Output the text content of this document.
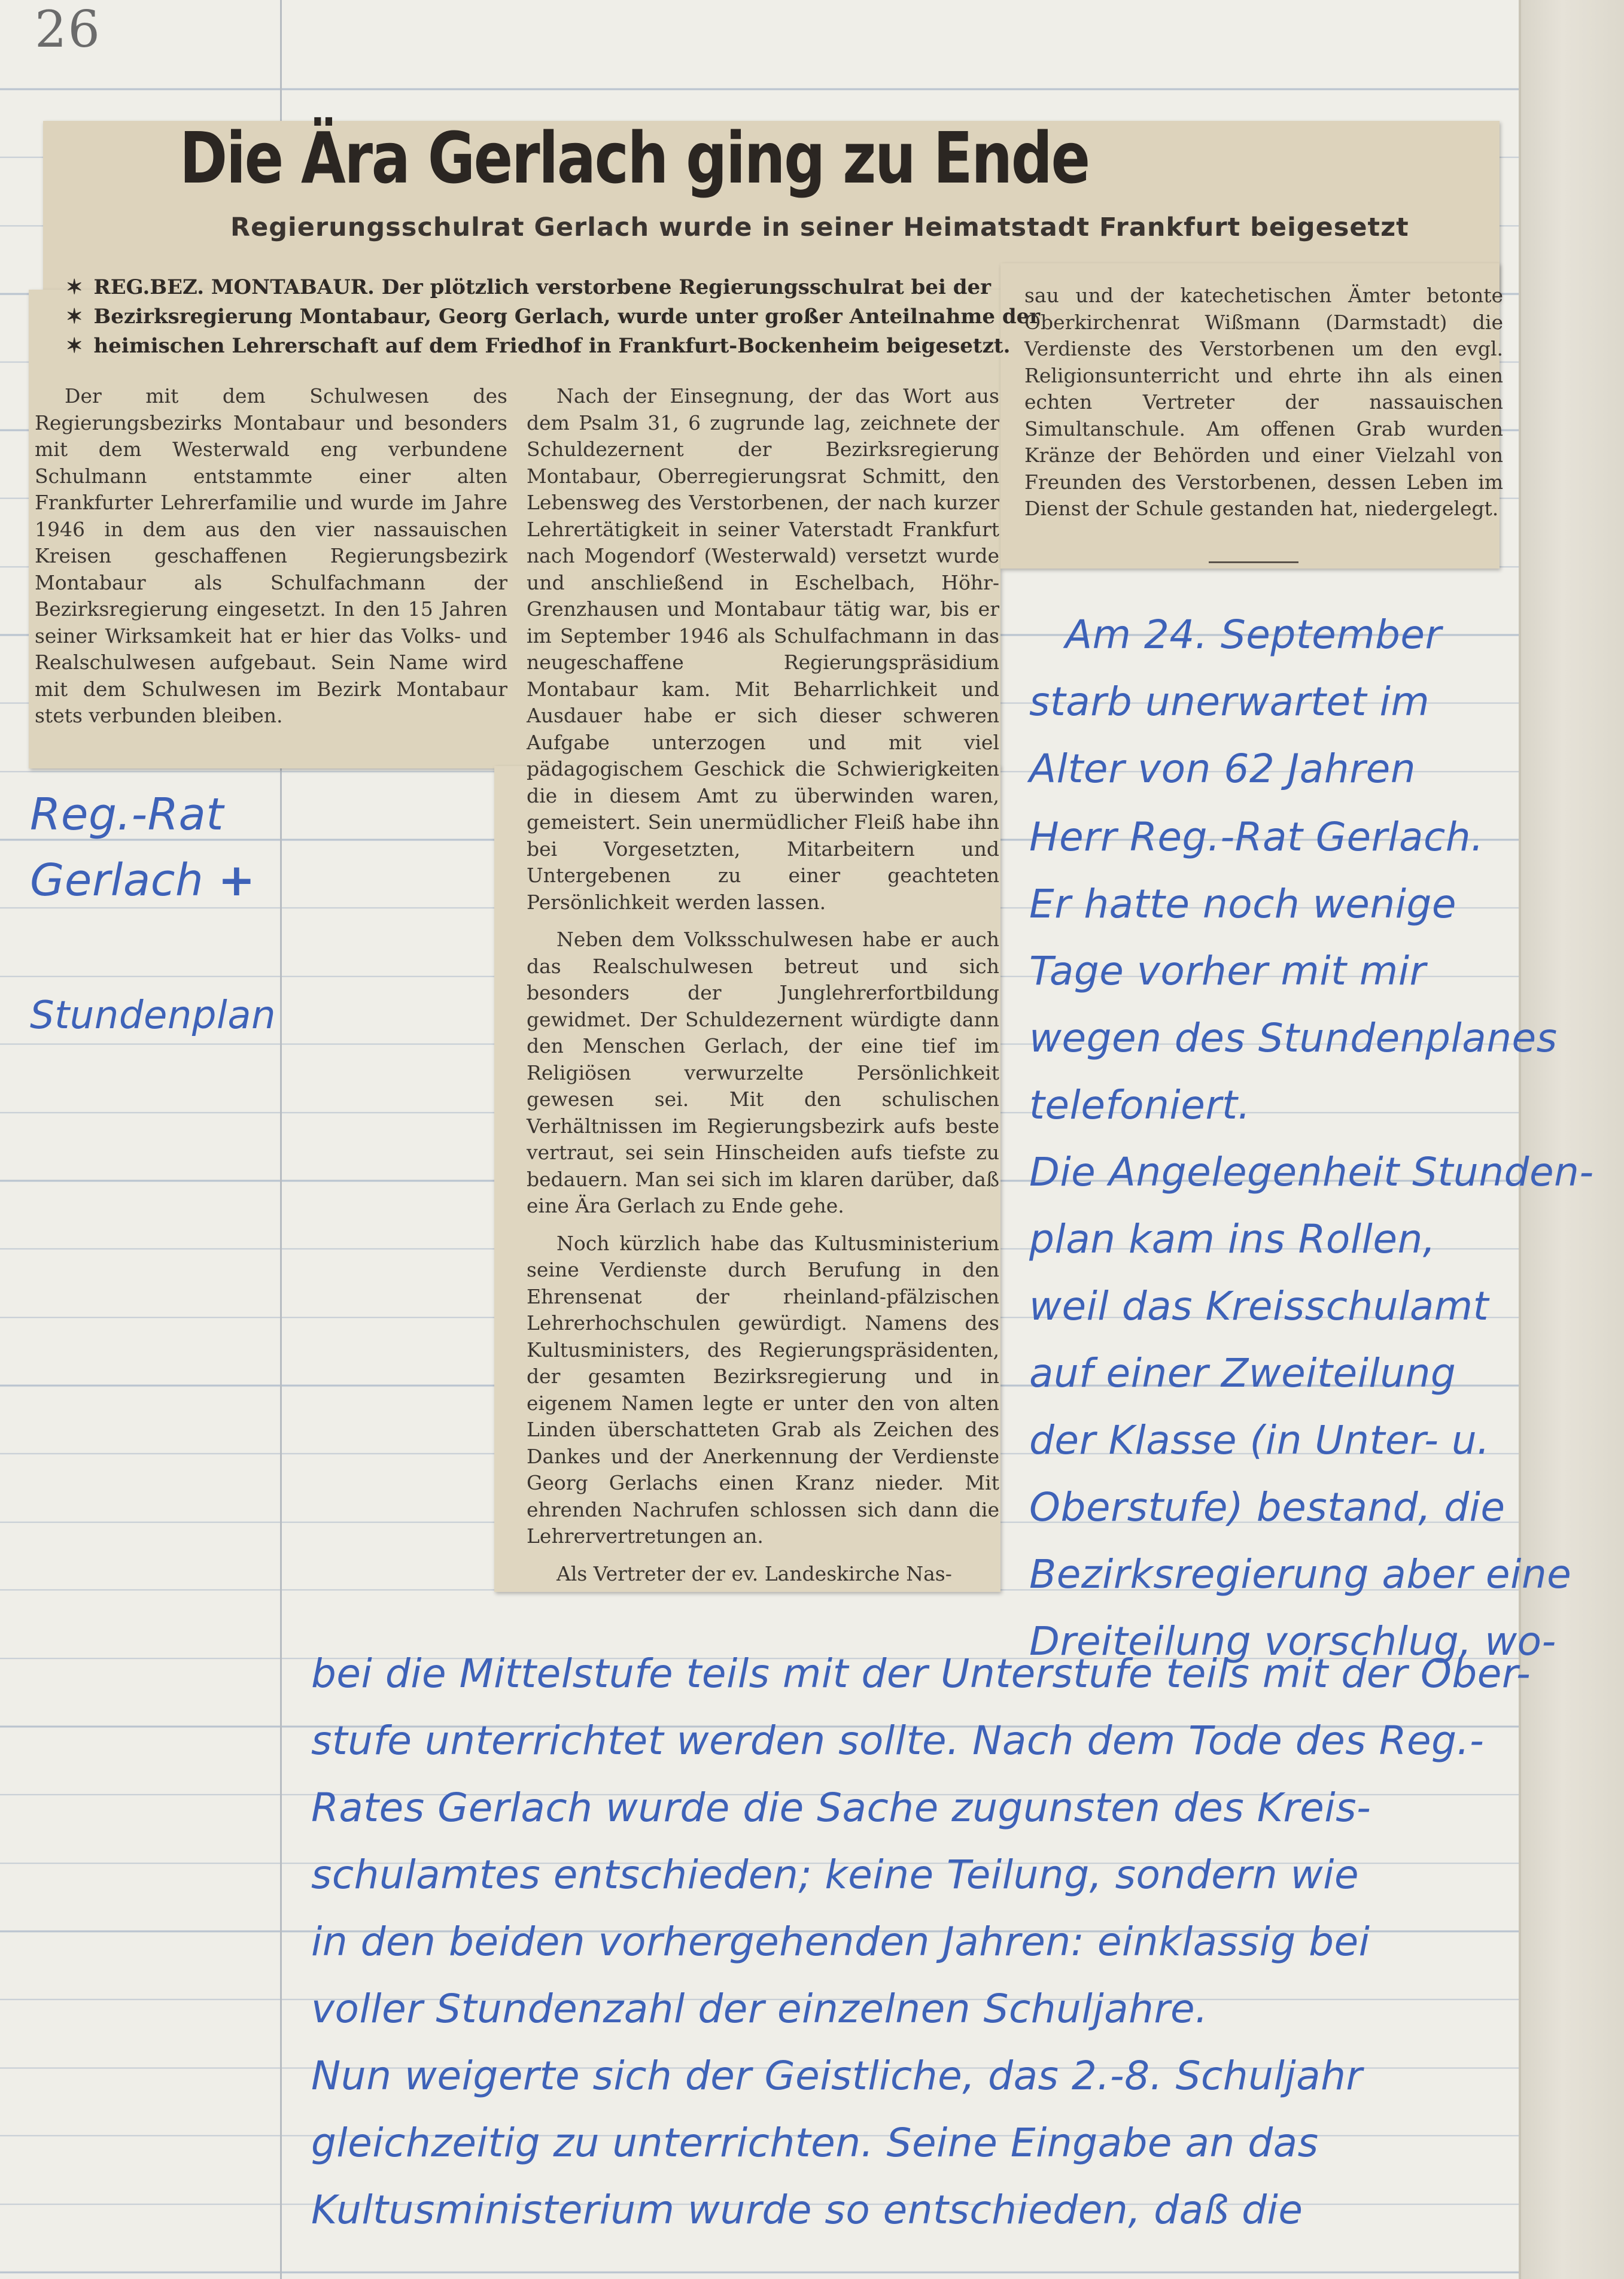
26
Die Ära Gerlach ging zu Ende
Regierungsschulrat Gerlach wurde in seiner Heimatstadt Frankfurt beigesetzt
✶ REG.BEZ. MONTABAUR. Der plötzlich verstorbene Regierungsschulrat bei der
✶ Bezirksregierung Montabaur, Georg Gerlach, wurde unter großer Anteilnahme der
✶ heimischen Lehrerschaft auf dem Friedhof in Frankfurt-Bockenheim beigesetzt.

Der mit dem Schulwesen des Regierungsbezirks Montabaur und besonders mit dem Westerwald eng verbundene Schulmann entstammte einer alten Frankfurter Lehrerfamilie und wurde im Jahre 1946 in dem aus den vier nassauischen Kreisen geschaffenen Regierungsbezirk Montabaur als Schulfachmann der Bezirksregierung eingesetzt. In den 15 Jahren seiner Wirksamkeit hat er hier das Volks- und Realschulwesen aufgebaut. Sein Name wird mit dem Schulwesen im Bezirk Montabaur stets verbunden bleiben.

Nach der Einsegnung, der das Wort aus dem Psalm 31, 6 zugrunde lag, zeichnete der Schuldezernent der Bezirksregierung Montabaur, Oberregierungsrat Schmitt, den Lebensweg des Verstorbenen, der nach kurzer Lehrertätigkeit in seiner Vaterstadt Frankfurt nach Mogendorf (Westerwald) versetzt wurde und anschließend in Eschelbach, Höhr-Grenzhausen und Montabaur tätig war, bis er im September 1946 als Schulfachmann in das neugeschaffene Regierungspräsidium Montabaur kam. Mit Beharrlichkeit und Ausdauer habe er sich dieser schweren Aufgabe unterzogen und mit viel pädagogischem Geschick die Schwierigkeiten die in diesem Amt zu überwinden waren, gemeistert. Sein unermüdlicher Fleiß habe ihn bei Vorgesetzten, Mitarbeitern und Untergebenen zu einer geachteten Persönlichkeit werden lassen.

Neben dem Volksschulwesen habe er auch das Realschulwesen betreut und sich besonders der Junglehrerfortbildung gewidmet. Der Schuldezernent würdigte dann den Menschen Gerlach, der eine tief im Religiösen verwurzelte Persönlichkeit gewesen sei. Mit den schulischen Verhältnissen im Regierungsbezirk aufs beste vertraut, sei sein Hinscheiden aufs tiefste zu bedauern. Man sei sich im klaren darüber, daß eine Ära Gerlach zu Ende gehe.

Noch kürzlich habe das Kultusministerium seine Verdienste durch Berufung in den Ehrensenat der rheinland-pfälzischen Lehrerhochschulen gewürdigt. Namens des Kultusministers, des Regierungspräsidenten, der gesamten Bezirksregierung und in eigenem Namen legte er unter den von alten Linden überschatteten Grab als Zeichen des Dankes und der Anerkennung der Verdienste Georg Gerlachs einen Kranz nieder. Mit ehrenden Nachrufen schlossen sich dann die Lehrervertretungen an.

Als Vertreter der ev. Landeskirche Nas-

sau und der katechetischen Ämter betonte Oberkirchenrat Wißmann (Darmstadt) die Verdienste des Verstorbenen um den evgl. Religionsunterricht und ehrte ihn als einen echten Vertreter der nassauischen Simultanschule. Am offenen Grab wurden Kränze der Behörden und einer Vielzahl von Freunden des Verstorbenen, dessen Leben im Dienst der Schule gestanden hat, niedergelegt.

Reg.-Rat
Gerlach +
Stundenplan
Am 24. September
starb unerwartet im
Alter von 62 Jahren
Herr Reg.-Rat Gerlach.
Er hatte noch wenige
Tage vorher mit mir
wegen des Stundenplanes
telefoniert.
Die Angelegenheit Stunden-
plan kam ins Rollen,
weil das Kreisschulamt
auf einer Zweiteilung
der Klasse (in Unter- u.
Oberstufe) bestand, die
Bezirksregierung aber eine
Dreiteilung vorschlug, wo-
bei die Mittelstufe teils mit der Unterstufe teils mit der Ober-
stufe unterrichtet werden sollte. Nach dem Tode des Reg.-
Rates Gerlach wurde die Sache zugunsten des Kreis-
schulamtes entschieden; keine Teilung, sondern wie
in den beiden vorhergehenden Jahren: einklassig bei
voller Stundenzahl der einzelnen Schuljahre.
Nun weigerte sich der Geistliche, das 2.-8. Schuljahr
gleichzeitig zu unterrichten. Seine Eingabe an das
Kultusministerium wurde so entschieden, daß die
